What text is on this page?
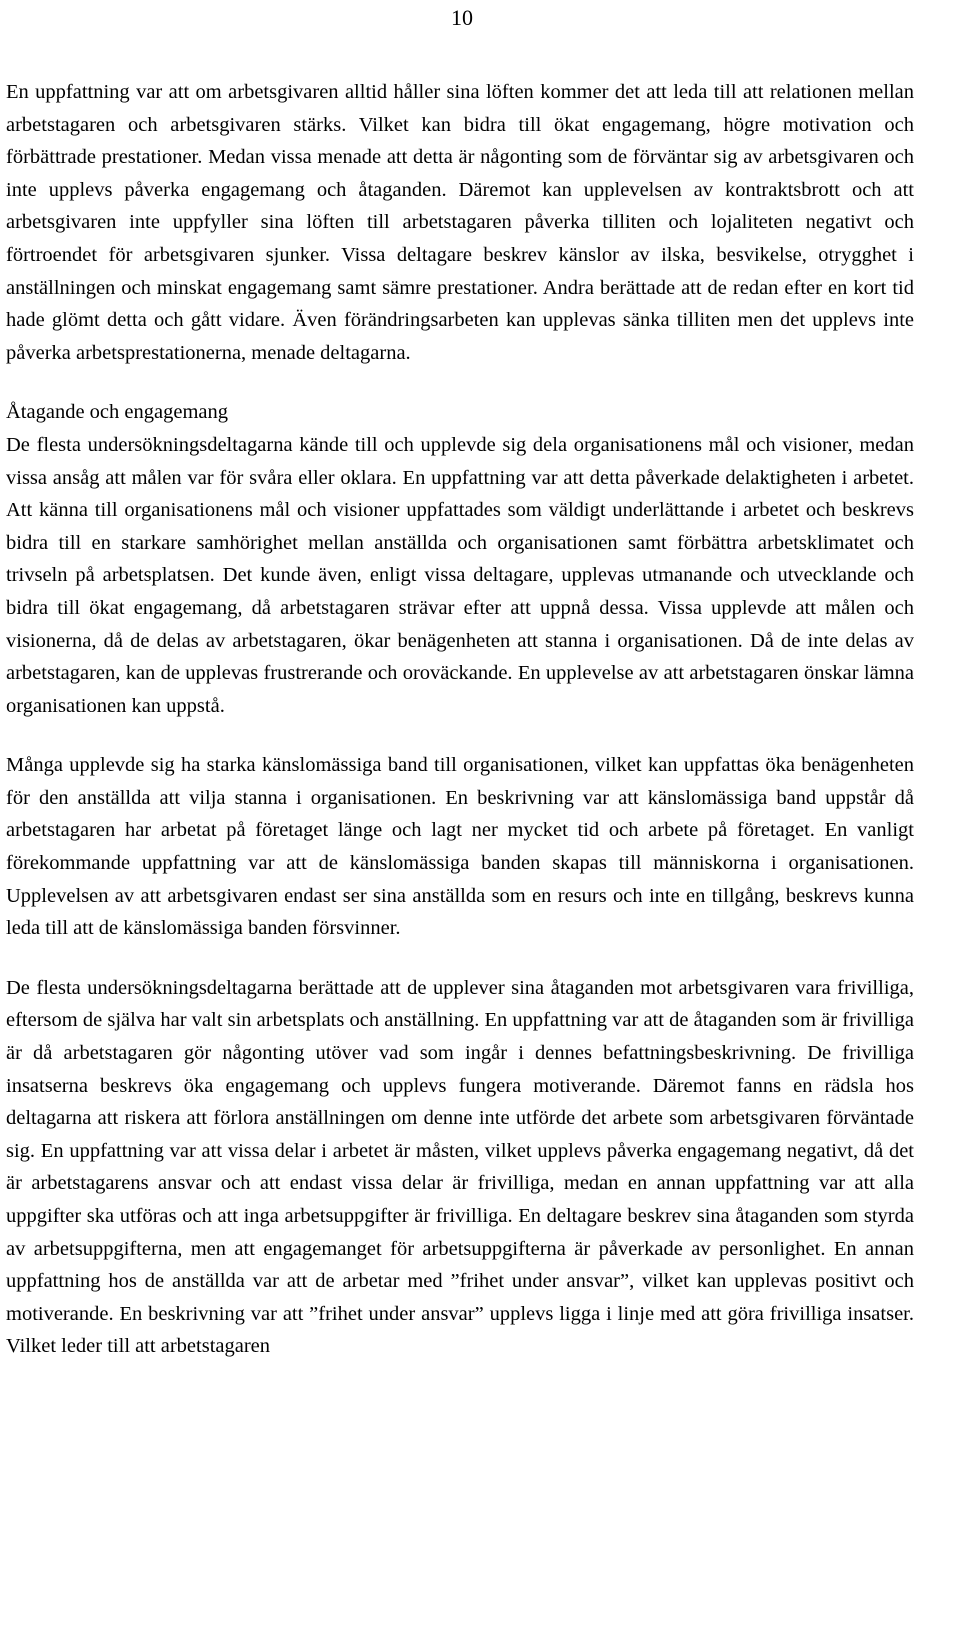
10

En uppfattning var att om arbetsgivaren alltid håller sina löften kommer det att leda till att relationen mellan arbetstagaren och arbetsgivaren stärks. Vilket kan bidra till ökat engagemang, högre motivation och förbättrade prestationer. Medan vissa menade att detta är någonting som de förväntar sig av arbetsgivaren och inte upplevs påverka engagemang och åtaganden. Däremot kan upplevelsen av kontraktsbrott och att arbetsgivaren inte uppfyller sina löften till arbetstagaren påverka tilliten och lojaliteten negativt och förtroendet för arbetsgivaren sjunker. Vissa deltagare beskrev känslor av ilska, besvikelse, otrygghet i anställningen och minskat engagemang samt sämre prestationer. Andra berättade att de redan efter en kort tid hade glömt detta och gått vidare. Även förändringsarbeten kan upplevas sänka tilliten men det upplevs inte påverka arbetsprestationerna, menade deltagarna.

Åtagande och engagemang

De flesta undersökningsdeltagarna kände till och upplevde sig dela organisationens mål och visioner, medan vissa ansåg att målen var för svåra eller oklara. En uppfattning var att detta påverkade delaktigheten i arbetet. Att känna till organisationens mål och visioner uppfattades som väldigt underlättande i arbetet och beskrevs bidra till en starkare samhörighet mellan anställda och organisationen samt förbättra arbetsklimatet och trivseln på arbetsplatsen. Det kunde även, enligt vissa deltagare, upplevas utmanande och utvecklande och bidra till ökat engagemang, då arbetstagaren strävar efter att uppnå dessa. Vissa upplevde att målen och visionerna, då de delas av arbetstagaren, ökar benägenheten att stanna i organisationen. Då de inte delas av arbetstagaren, kan de upplevas frustrerande och oroväckande. En upplevelse av att arbetstagaren önskar lämna organisationen kan uppstå.

Många upplevde sig ha starka känslomässiga band till organisationen, vilket kan uppfattas öka benägenheten för den anställda att vilja stanna i organisationen. En beskrivning var att känslomässiga band uppstår då arbetstagaren har arbetat på företaget länge och lagt ner mycket tid och arbete på företaget. En vanligt förekommande uppfattning var att de känslomässiga banden skapas till människorna i organisationen. Upplevelsen av att arbetsgivaren endast ser sina anställda som en resurs och inte en tillgång, beskrevs kunna leda till att de känslomässiga banden försvinner.

De flesta undersökningsdeltagarna berättade att de upplever sina åtaganden mot arbetsgivaren vara frivilliga, eftersom de själva har valt sin arbetsplats och anställning. En uppfattning var att de åtaganden som är frivilliga är då arbetstagaren gör någonting utöver vad som ingår i dennes befattningsbeskrivning. De frivilliga insatserna beskrevs öka engagemang och upplevs fungera motiverande. Däremot fanns en rädsla hos deltagarna att riskera att förlora anställningen om denne inte utförde det arbete som arbetsgivaren förväntade sig. En uppfattning var att vissa delar i arbetet är måsten, vilket upplevs påverka engagemang negativt, då det är arbetstagarens ansvar och att endast vissa delar är frivilliga, medan en annan uppfattning var att alla uppgifter ska utföras och att inga arbetsuppgifter är frivilliga. En deltagare beskrev sina åtaganden som styrda av arbetsuppgifterna, men att engagemanget för arbetsuppgifterna är påverkade av personlighet. En annan uppfattning hos de anställda var att de arbetar med ”frihet under ansvar”, vilket kan upplevas positivt och motiverande. En beskrivning var att ”frihet under ansvar” upplevs ligga i linje med att göra frivilliga insatser. Vilket leder till att arbetstagaren
